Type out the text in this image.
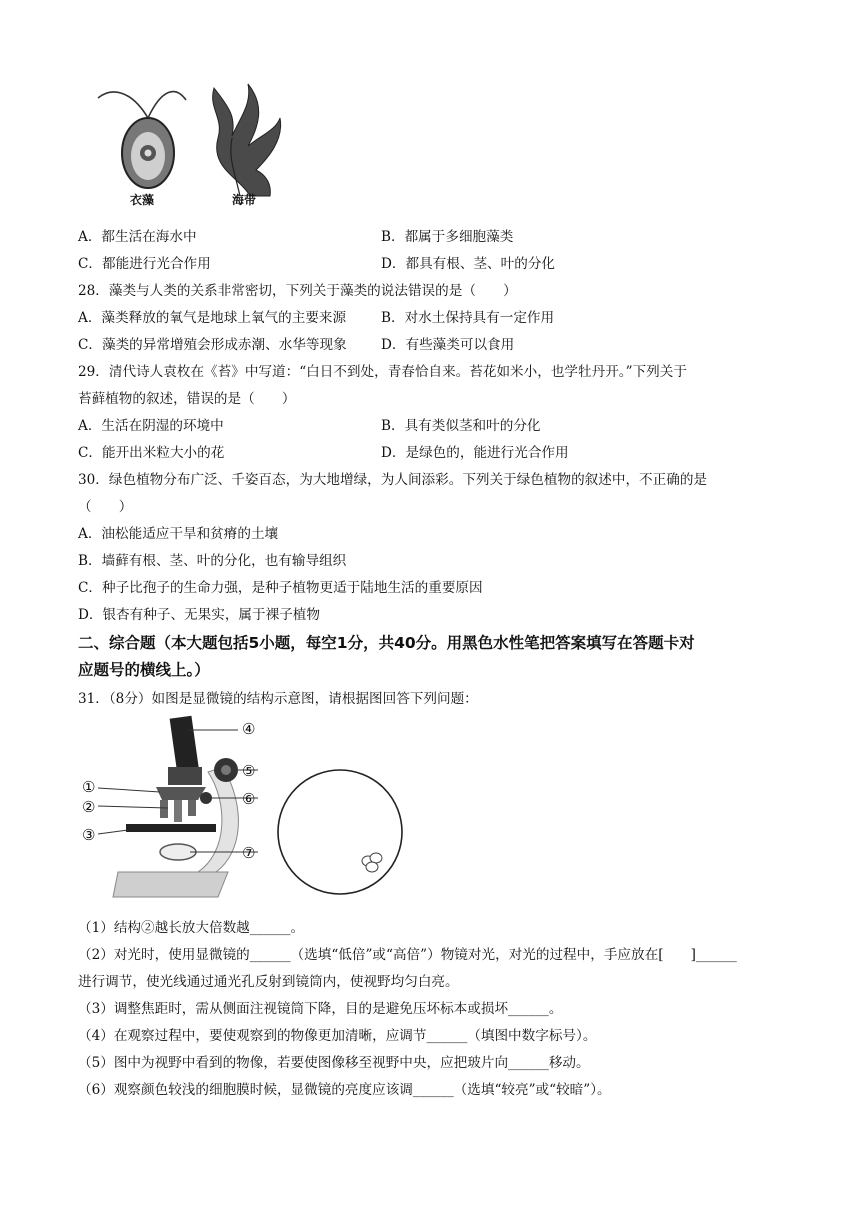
衣藻	海带
A．都生活在海水中	B．都属于多细胞藻类
C．都能进行光合作用	D．都具有根、茎、叶的分化
28．藻类与人类的关系非常密切，下列关于藻类的说法错误的是（　　）
A．藻类释放的氧气是地球上氧气的主要来源	B．对水土保持具有一定作用
C．藻类的异常增殖会形成赤潮、水华等现象	D．有些藻类可以食用
29．清代诗人袁枚在《苔》中写道：“白日不到处，青春恰自来。苔花如米小，也学牡丹开。”下列关于
苔藓植物的叙述，错误的是（　　）
A．生活在阴湿的环境中	B．具有类似茎和叶的分化
C．能开出米粒大小的花	D．是绿色的，能进行光合作用
30．绿色植物分布广泛、千姿百态，为大地增绿，为人间添彩。下列关于绿色植物的叙述中，不正确的是
（　　）
A．油松能适应干旱和贫瘠的土壤
B．墙藓有根、茎、叶的分化，也有输导组织
C．种子比孢子的生命力强，是种子植物更适于陆地生活的重要原因
D．银杏有种子、无果实，属于裸子植物
二、综合题（本大题包括5小题，每空1分，共40分。用黑色水性笔把答案填写在答题卡对
应题号的横线上。）
31．（8分）如图是显微镜的结构示意图，请根据图回答下列问题：
①
②
③
④
⑤
⑥
⑦
（1）结构②越长放大倍数越______。
（2）对光时，使用显微镜的______（选填“低倍”或“高倍”）物镜对光，对光的过程中，手应放在[　　]______
进行调节，使光线通过通光孔反射到镜筒内，使视野均匀白亮。
（3）调整焦距时，需从侧面注视镜筒下降，目的是避免压坏标本或损坏______。
（4）在观察过程中，要使观察到的物像更加清晰，应调节______（填图中数字标号）。
（5）图中为视野中看到的物像，若要使图像移至视野中央，应把玻片向______移动。
（6）观察颜色较浅的细胞膜时候，显微镜的亮度应该调______（选填“较亮”或“较暗”）。
